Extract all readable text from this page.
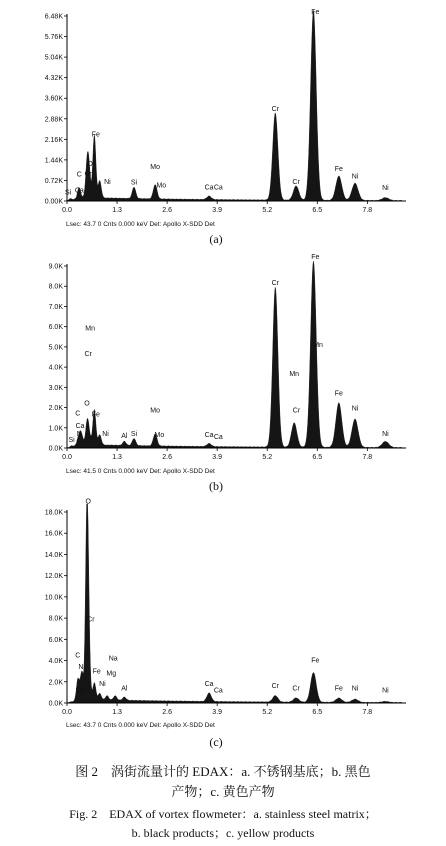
0.00K
0.72K
1.44K
2.16K
2.88K
3.60K
4.32K
5.04K
5.76K
6.48K
0.0	1.3	2.6	3.9	5.2	6.5	7.8
Si Ca
C
O
Cr
Fe
Ni	Si
Mo
Mo	Ca Ca
Cr
Cr
Fe
Fe
Ni
Ni
Lsec: 43.7 0 Cnts 0.000 keV Det: Apollo X-SDD Det
(a)
0.0K
1.0K
2.0K
3.0K
4.0K
5.0K
6.0K
7.0K
8.0K
9.0K
0.0	1.3	2.6	3.9	5.2	6.5	7.8
Si
N
C
O
Ca
Cr
Fe
Ni
Mn
Cr
Al Si
Mo
Mo	Ca Ca
Cr
Mn
Cr
Mn
Fe
Fe
Ni
Ni
Lsec: 41.5 0 Cnts 0.000 keV Det: Apollo X-SDD Det
(b)
0.0K
2.0K
4.0K
6.0K
8.0K
10.0K
12.0K
14.0K
16.0K
18.0K
0.0	1.3	2.6	3.9	5.2	6.5	7.8
C
N
O
Ca
Cr
Fe
Ni
Na
Mg
Al
Ca
Ca
Cr Cr
Fe
Fe Ni	Ni
Lsec: 43.7 0 Cnts 0.000 keV Det: Apollo X-SDD Det
(c)
图 2　涡街流量计的 EDAX：a. 不锈钢基底；b. 黑色
产物；c. 黄色产物
Fig. 2　EDAX of vortex flowmeter：a. stainless steel matrix；
b. black products；c. yellow products
